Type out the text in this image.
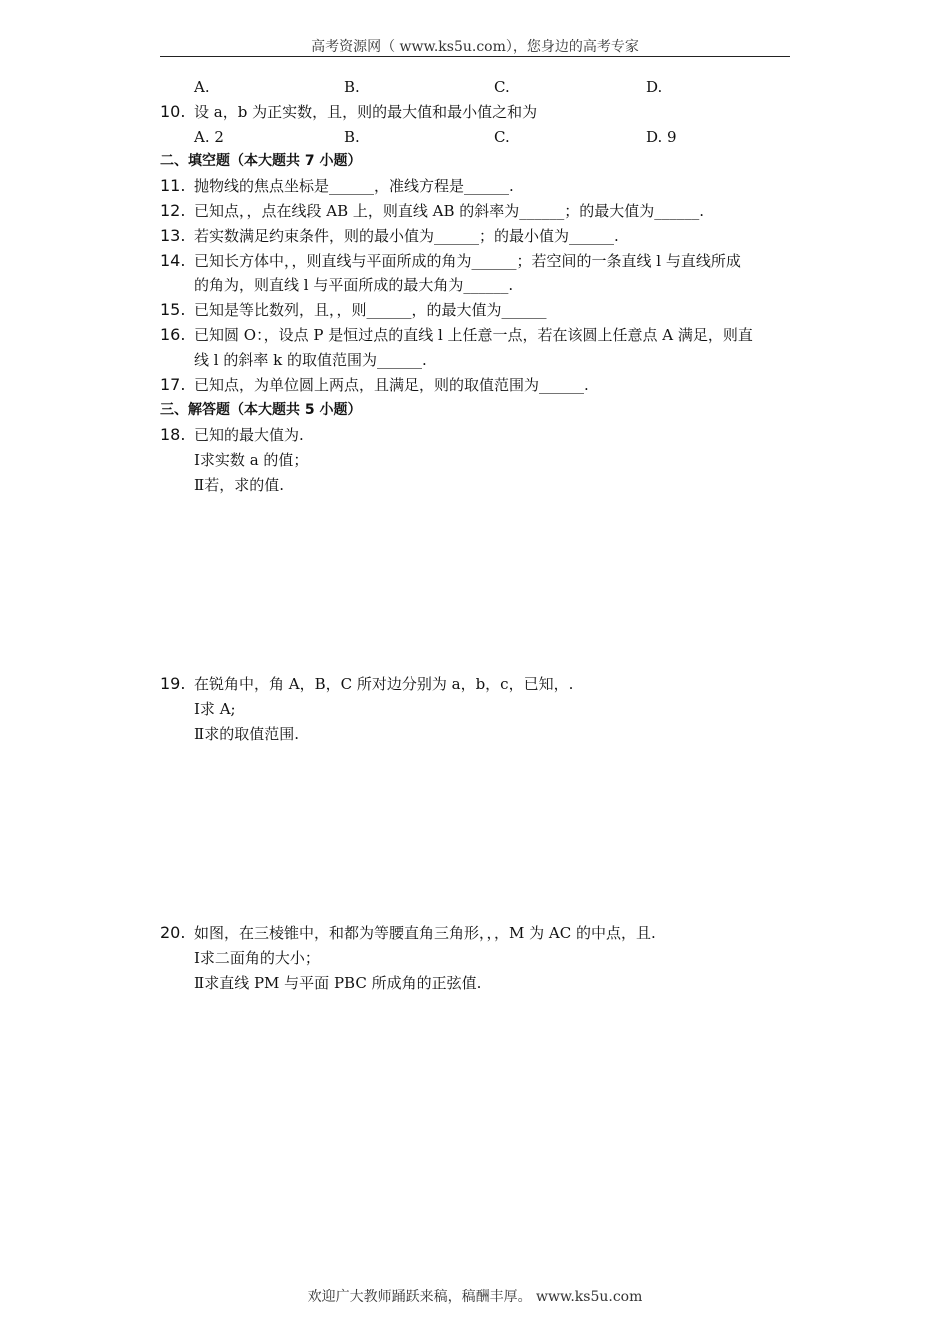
高考资源网（ www.ks5u.com），您身边的高考专家
A.	B.	C.	D.
10. 设 a，b 为正实数，且，则的最大值和最小值之和为
A. 2	B.	C.	D. 9
二、填空题（本大题共 7 小题）
11. 抛物线的焦点坐标是______，准线方程是______.
12. 已知点，，点在线段 AB 上，则直线 AB 的斜率为______；的最大值为______.
13. 若实数满足约束条件，则的最小值为______；的最小值为______.
14. 已知长方体中，，则直线与平面所成的角为______；若空间的一条直线 l 与直线所成
的角为，则直线 l 与平面所成的最大角为______.
15. 已知是等比数列，且，，则______，的最大值为______
16. 已知圆 O：，设点 P 是恒过点的直线 l 上任意一点，若在该圆上任意点 A 满足，则直
线 l 的斜率 k 的取值范围为______.
17. 已知点，为单位圆上两点，且满足，则的取值范围为______.
三、解答题（本大题共 5 小题）
18. 已知的最大值为.
Ⅰ求实数 a 的值；
Ⅱ若，求的值.
19. 在锐角中，角 A，B，C 所对边分别为 a，b，c，已知，.
Ⅰ求 A;
Ⅱ求的取值范围.
20. 如图，在三棱锥中，和都为等腰直角三角形，，，M 为 AC 的中点，且.
Ⅰ求二面角的大小；
Ⅱ求直线 PM 与平面 PBC 所成角的正弦值.
欢迎广大教师踊跃来稿，稿酬丰厚。 www.ks5u.com
